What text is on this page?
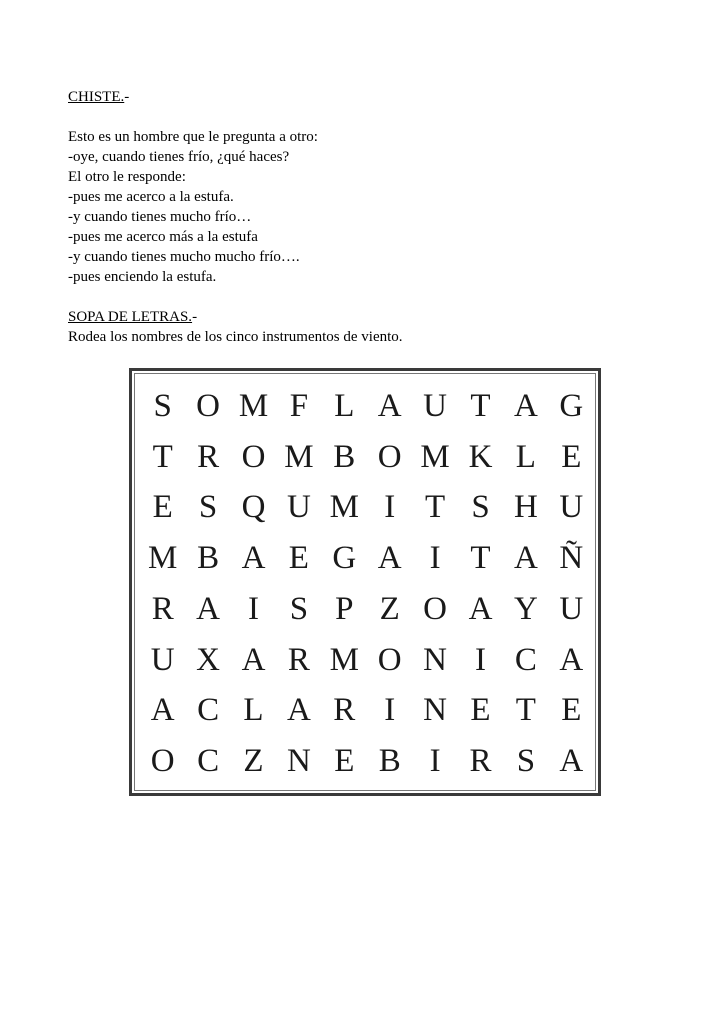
CHISTE.-
Esto es un hombre que le pregunta a otro:
-oye, cuando tienes frío, ¿qué haces?
El otro le responde:
-pues me acerco a la estufa.
-y cuando tienes mucho frío…
-pues me acerco más a la estufa
-y cuando tienes mucho mucho frío….
-pues enciendo la estufa.
SOPA DE LETRAS.-
Rodea los nombres de los cinco instrumentos de viento.
S O M F L A U T A G
T R O M B O M K L E
E S Q U M I T S H U
M B A E G A I T A Ñ
R A I S P Z O A Y U
U X A R M O N I C A
A C L A R I N E T E
O C Z N E B I R S A
